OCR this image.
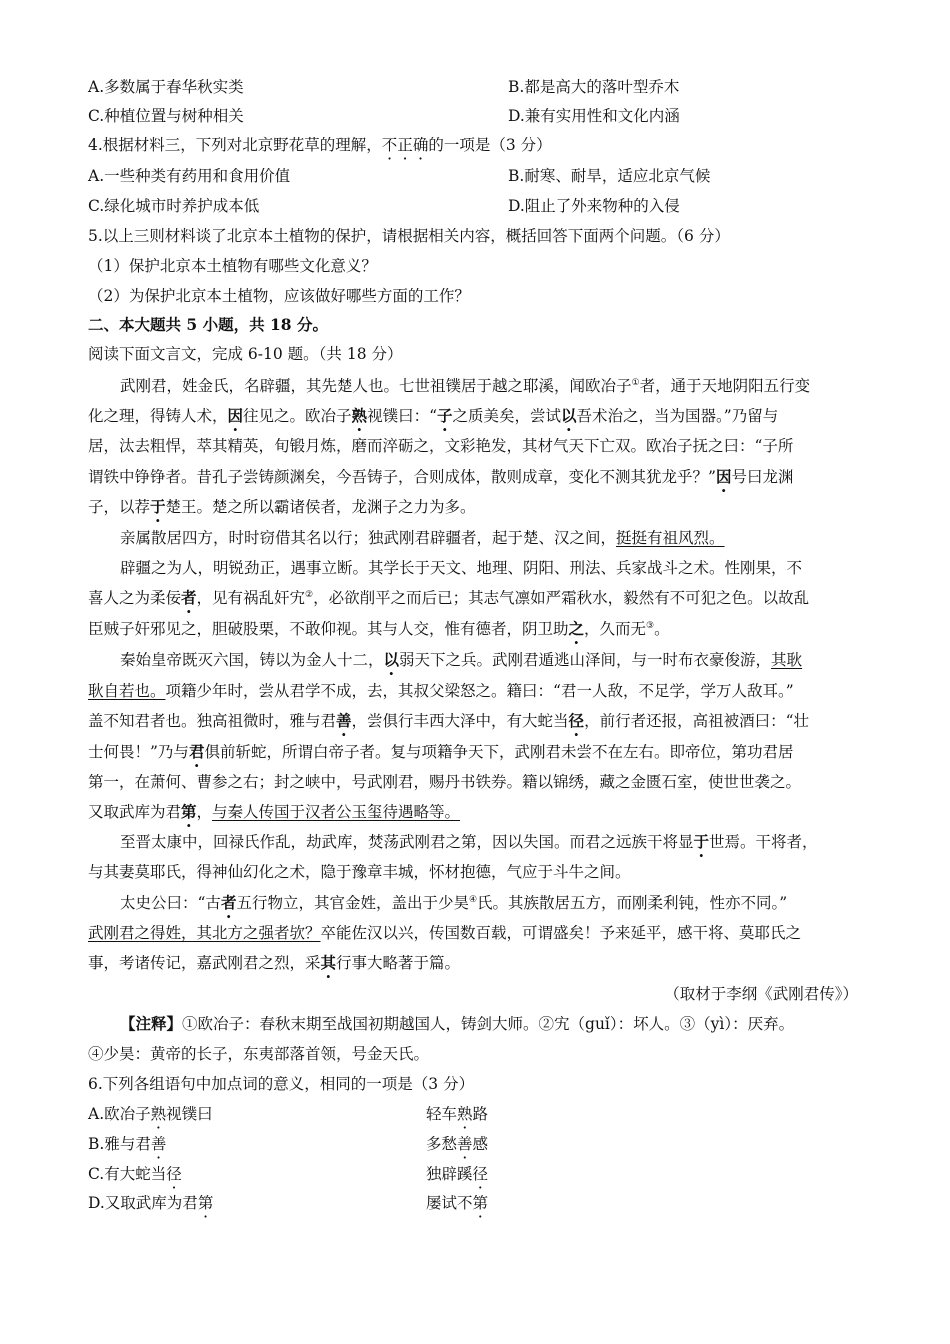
A.多数属于春华秋实类	B.都是高大的落叶型乔木
C.种植位置与树种相关	D.兼有实用性和文化内涵
4.根据材料三，下列对北京野花草的理解，不正确的一项是（3 分）
A.一些种类有药用和食用价值	B.耐寒、耐旱，适应北京气候
C.绿化城市时养护成本低	D.阻止了外来物种的入侵
5.以上三则材料谈了北京本土植物的保护，请根据相关内容，概括回答下面两个问题。（6 分）
（1）保护北京本土植物有哪些文化意义？
（2）为保护北京本土植物，应该做好哪些方面的工作？
二、本大题共 5 小题，共 18 分。
阅读下面文言文，完成 6-10 题。（共 18 分）
武刚君，姓金氏，名辟疆，其先楚人也。七世祖镤居于越之耶溪，闻欧冶子①者，通于天地阴阳五行变
化之理，得铸人术，因往见之。欧冶子熟视镤曰：“子之质美矣，尝试以吾术治之，当为国器。”乃留与
居，汰去粗悍，萃其精英，旬锻月炼，磨而淬砺之，文彩艳发，其材气天下亡双。欧冶子抚之曰：“子所
谓铁中铮铮者。昔孔子尝铸颜渊矣，今吾铸子，合则成体，散则成章，变化不测其犹龙乎？”因号曰龙渊
子，以荐于楚王。楚之所以霸诸侯者，龙渊子之力为多。
亲属散居四方，时时窃借其名以行；独武刚君辟疆者，起于楚、汉之间，挺挺有祖风烈。
辟疆之为人，明锐劲正，遇事立断。其学长于天文、地理、阴阳、刑法、兵家战斗之术。性刚果，不
喜人之为柔佞者，见有祸乱奸宄②，必欲削平之而后已；其志气凛如严霜秋水，毅然有不可犯之色。以故乱
臣贼子奸邪见之，胆破股栗，不敢仰视。其与人交，惟有德者，阴卫助之，久而无③。
秦始皇帝既灭六国，铸以为金人十二，以弱天下之兵。武刚君遁逃山泽间，与一时布衣豪俊游，其耿
耿自若也。项籍少年时，尝从君学不成，去，其叔父梁怒之。籍曰：“君一人敌，不足学，学万人敌耳。”
盖不知君者也。独高祖微时，雅与君善，尝俱行丰西大泽中，有大蛇当径，前行者还报，高祖被酒曰：“壮
士何畏！”乃与君俱前斩蛇，所谓白帝子者。复与项籍争天下，武刚君未尝不在左右。即帝位，第功君居
第一，在萧何、曹参之右；封之峡中，号武刚君，赐丹书铁券。籍以锦绣，藏之金匮石室，使世世袭之。
又取武库为君第，与秦人传国于汉者公玉玺待遇略等。
至晋太康中，回禄氏作乱，劫武库，焚荡武刚君之第，因以失国。而君之远族干将显于世焉。干将者，
与其妻莫耶氏，得神仙幻化之术，隐于豫章丰城，怀材抱德，气应于斗牛之间。
太史公曰：“古者五行物立，其官金姓，盖出于少昊④氏。其族散居五方，而刚柔利钝，性亦不同。”
武刚君之得姓，其北方之强者欤？卒能佐汉以兴，传国数百载，可谓盛矣！予来延平，感干将、莫耶氏之
事，考诸传记，嘉武刚君之烈，采其行事大略著于篇。
（取材于李纲《武刚君传》）
【注释】①欧冶子：春秋末期至战国初期越国人，铸剑大师。②宄（guǐ）：坏人。③（yì）：厌弃。
④少昊：黄帝的长子，东夷部落首领，号金天氏。
6.下列各组语句中加点词的意义，相同的一项是（3 分）
A.欧冶子熟视镤曰	轻车熟路
B.雅与君善	多愁善感
C.有大蛇当径	独辟蹊径
D.又取武库为君第	屡试不第
